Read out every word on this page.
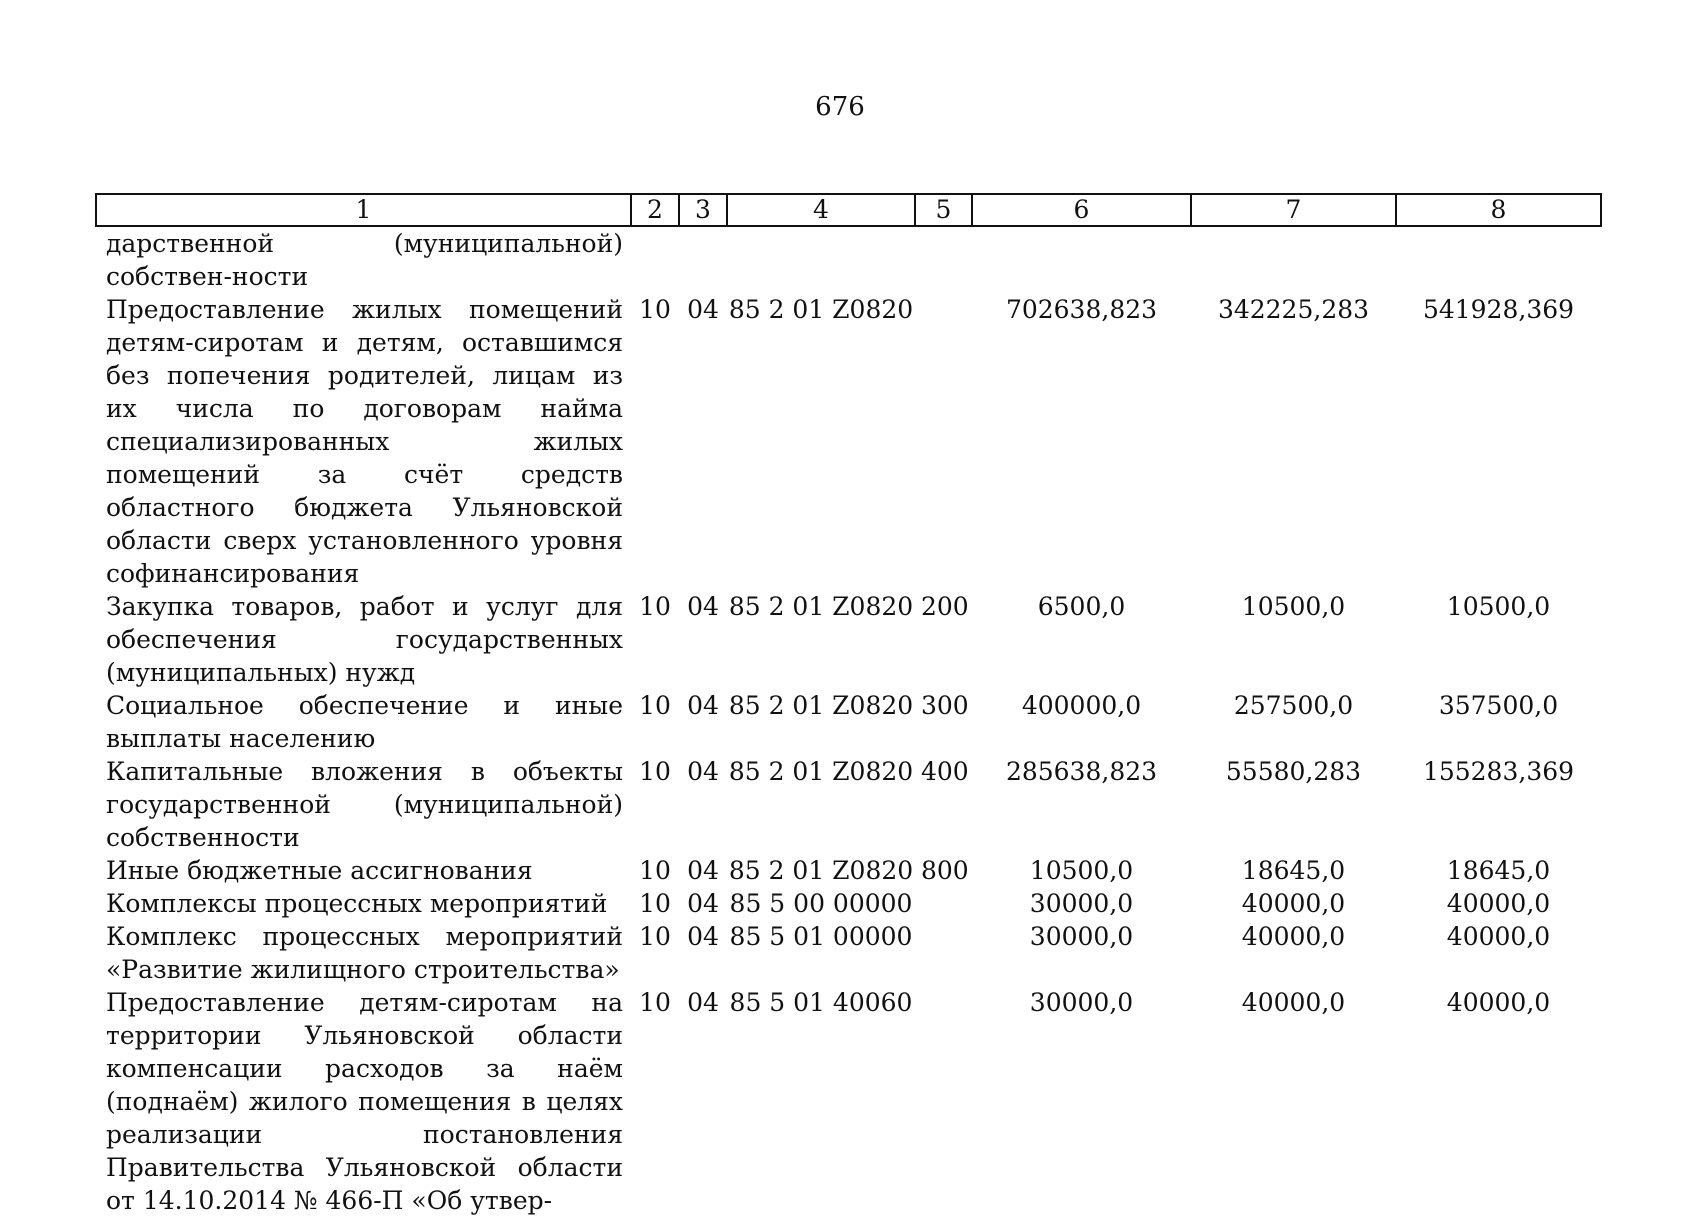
676
1	2	3	4	5	6	7	8
дарственной (муниципальной) собствен-ности							
Предоставление жилых помещений детям-сиротам и детям, оставшимся без попечения родителей, лицам из их числа по договорам найма специализированных жилых помещений за счёт средств областного бюджета Ульяновской области сверх установленного уровня софинансирования	10	04	85 2 01 Z0820		702638,823	342225,283	541928,369
Закупка товаров, работ и услуг для обеспечения государственных (муниципальных) нужд	10	04	85 2 01 Z0820	200	6500,0	10500,0	10500,0
Социальное обеспечение и иные выплаты населению	10	04	85 2 01 Z0820	300	400000,0	257500,0	357500,0
Капитальные вложения в объекты государственной (муниципальной) собственности	10	04	85 2 01 Z0820	400	285638,823	55580,283	155283,369
Иные бюджетные ассигнования	10	04	85 2 01 Z0820	800	10500,0	18645,0	18645,0
Комплексы процессных мероприятий	10	04	85 5 00 00000		30000,0	40000,0	40000,0
Комплекс процессных мероприятий «Развитие жилищного строительства»	10	04	85 5 01 00000		30000,0	40000,0	40000,0
Предоставление детям-сиротам на территории Ульяновской области компенсации расходов за наём (поднаём) жилого помещения в целях реализации постановления Правительства Ульяновской области от 14.10.2014 № 466-П «Об утвер-	10	04	85 5 01 40060		30000,0	40000,0	40000,0
